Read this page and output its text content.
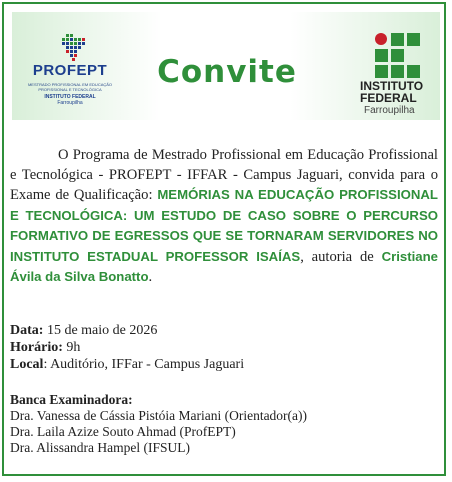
PROFEPT
MESTRADO PROFISSIONAL EM EDUCAÇÃO PROFISSIONAL E TECNOLÓGICA
INSTITUTO FEDERAL
Farroupilha
Convite	INSTITUTO
FEDERAL
Farroupilha

O Programa de Mestrado Profissional em Educação Profissional e Tecnológica - PROFEPT - IFFAR - Campus Jaguari, convida para o Exame de Qualificação: MEMÓRIAS NA EDUCAÇÃO PROFISSIONAL E TECNOLÓGICA: UM ESTUDO DE CASO SOBRE O PERCURSO FORMATIVO DE EGRESSOS QUE SE TORNARAM SERVIDORES NO INSTITUTO ESTADUAL PROFESSOR ISAÍAS, autoria de Cristiane Ávila da Silva Bonatto.

Data: 15 de maio de 2026
Horário: 9h
Local: Auditório, IFFar - Campus Jaguari
Banca Examinadora:
Dra. Vanessa de Cássia Pistóia Mariani (Orientador(a))
Dra. Laila Azize Souto Ahmad (ProfEPT)
Dra. Alissandra Hampel (IFSUL)
